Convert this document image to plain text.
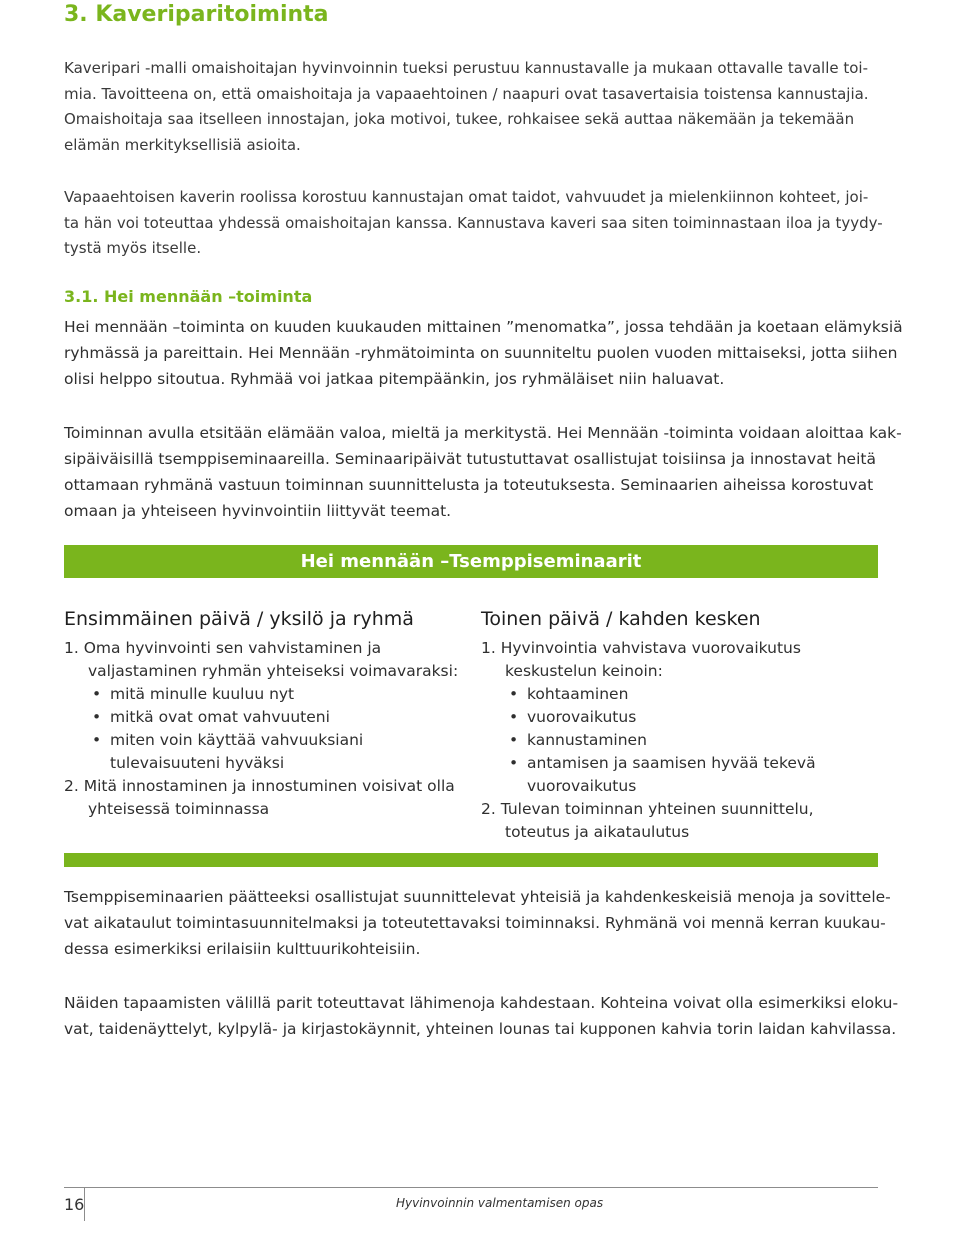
3. Kaveriparitoiminta

Kaveripari -malli omaishoitajan hyvinvoinnin tueksi perustuu kannustavalle ja mukaan ottavalle tavalle toi-
mia. Tavoitteena on, että omaishoitaja ja vapaaehtoinen / naapuri ovat tasavertaisia toistensa kannustajia.
Omaishoitaja saa itselleen innostajan, joka motivoi, tukee, rohkaisee sekä auttaa näkemään ja tekemään
elämän merkityksellisiä asioita.

Vapaaehtoisen kaverin roolissa korostuu kannustajan omat taidot, vahvuudet ja mielenkiinnon kohteet, joi-
ta hän voi toteuttaa yhdessä omaishoitajan kanssa. Kannustava kaveri saa siten toiminnastaan iloa ja tyydy-
tystä myös itselle.

3.1. Hei mennään –toiminta

Hei mennään –toiminta on kuuden kuukauden mittainen ”menomatka”, jossa tehdään ja koetaan elämyksiä
ryhmässä ja pareittain. Hei Mennään -ryhmätoiminta on suunniteltu puolen vuoden mittaiseksi, jotta siihen
olisi helppo sitoutua. Ryhmää voi jatkaa pitempäänkin, jos ryhmäläiset niin haluavat.

Toiminnan avulla etsitään elämään valoa, mieltä ja merkitystä. Hei Mennään -toiminta voidaan aloittaa kak-
sipäiväisillä tsemppiseminaareilla. Seminaaripäivät tutustuttavat osallistujat toisiinsa ja innostavat heitä
ottamaan ryhmänä vastuun toiminnan suunnittelusta ja toteutuksesta. Seminaarien aiheissa korostuvat
omaan ja yhteiseen hyvinvointiin liittyvät teemat.

Hei mennään –Tsemppiseminaarit
Ensimmäinen päivä / yksilö ja ryhmä
1. Oma hyvinvointi sen vahvistaminen ja
valjastaminen ryhmän yhteiseksi voimavaraksi:
• mitä minulle kuuluu nyt
• mitkä ovat omat vahvuuteni
• miten voin käyttää vahvuuksiani
tulevaisuuteni hyväksi
2. Mitä innostaminen ja innostuminen voisivat olla
yhteisessä toiminnassa
Toinen päivä / kahden kesken
1. Hyvinvointia vahvistava vuorovaikutus
keskustelun keinoin:
• kohtaaminen
• vuorovaikutus
• kannustaminen
• antamisen ja saamisen hyvää tekevä
vuorovaikutus
2. Tulevan toiminnan yhteinen suunnittelu,
toteutus ja aikataulutus

Tsemppiseminaarien päätteeksi osallistujat suunnittelevat yhteisiä ja kahdenkeskeisiä menoja ja sovittele-
vat aikataulut toimintasuunnitelmaksi ja toteutettavaksi toiminnaksi. Ryhmänä voi mennä kerran kuukau-
dessa esimerkiksi erilaisiin kulttuurikohteisiin.

Näiden tapaamisten välillä parit toteuttavat lähimenoja kahdestaan. Kohteina voivat olla esimerkiksi eloku-
vat, taidenäyttelyt, kylpylä- ja kirjastokäynnit, yhteinen lounas tai kupponen kahvia torin laidan kahvilassa.

16	Hyvinvoinnin valmentamisen opas
